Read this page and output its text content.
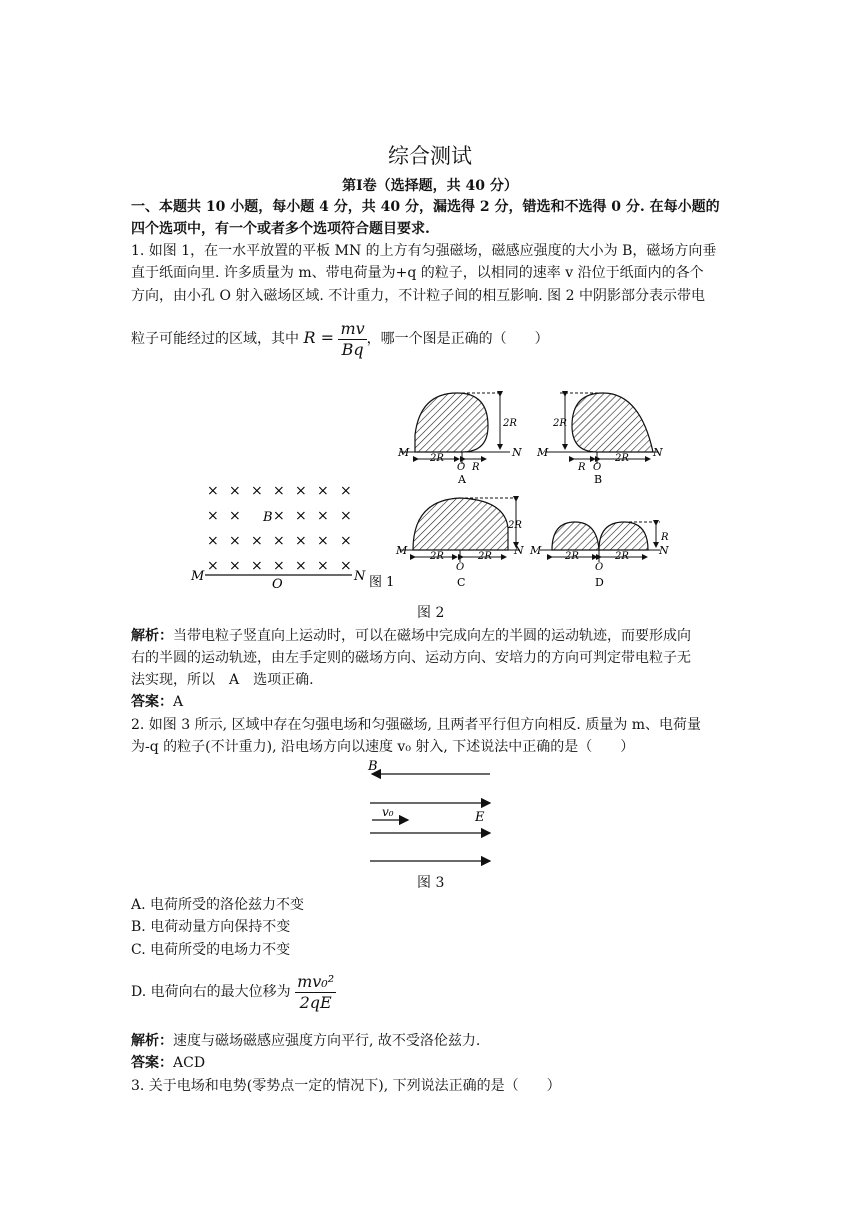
综合测试
第Ⅰ卷（选择题，共 40 分）
一、本题共 10 小题，每小题 4 分，共 40 分，漏选得 2 分，错选和不选得 0 分. 在每小题的
四个选项中，有一个或者多个选项符合题目要求.
1. 如图 1，在一水平放置的平板 MN 的上方有匀强磁场，磁感应强度的大小为 B，磁场方向垂
直于纸面向里. 许多质量为 m、带电荷量为+q 的粒子，以相同的速率 v 沿位于纸面内的各个
方向，由小孔 O 射入磁场区域. 不计重力，不计粒子间的相互影响. 图 2 中阴影部分表示带电
粒子可能经过的区域，其中 $R = \frac{mv}{Bq}$ ，哪一个图是正确的（　　）
× × × × × × ×
× × × × × ×
× × × × × × ×
× × × × × × ×
M
O
N
B
图 1
M	N
2R
2R
O R
A
M	N
2R
R O
2R
B
M	N
2R	2R
2R
O
C
M	N
R
2R	2R
O
D
图 2
解析：当带电粒子竖直向上运动时，可以在磁场中完成向左的半圆的运动轨迹，而要形成向
右的半圆的运动轨迹，由左手定则的磁场方向、运动方向、安培力的方向可判定带电粒子无
法实现，所以　A　选项正确.
答案：A
2. 如图 3 所示, 区域中存在匀强电场和匀强磁场, 且两者平行但方向相反. 质量为 m、电荷量
为-q 的粒子(不计重力), 沿电场方向以速度 v₀ 射入, 下述说法中正确的是（　　）
B
v₀	E
图 3
A. 电荷所受的洛伦兹力不变
B. 电荷动量方向保持不变
C. 电荷所受的电场力不变
D. 电荷向右的最大位移为 $\frac{\text{mv₀²}}{2qE}$
解析：速度与磁场磁感应强度方向平行, 故不受洛伦兹力.
答案：ACD
3. 关于电场和电势(零势点一定的情况下), 下列说法正确的是（　　）
